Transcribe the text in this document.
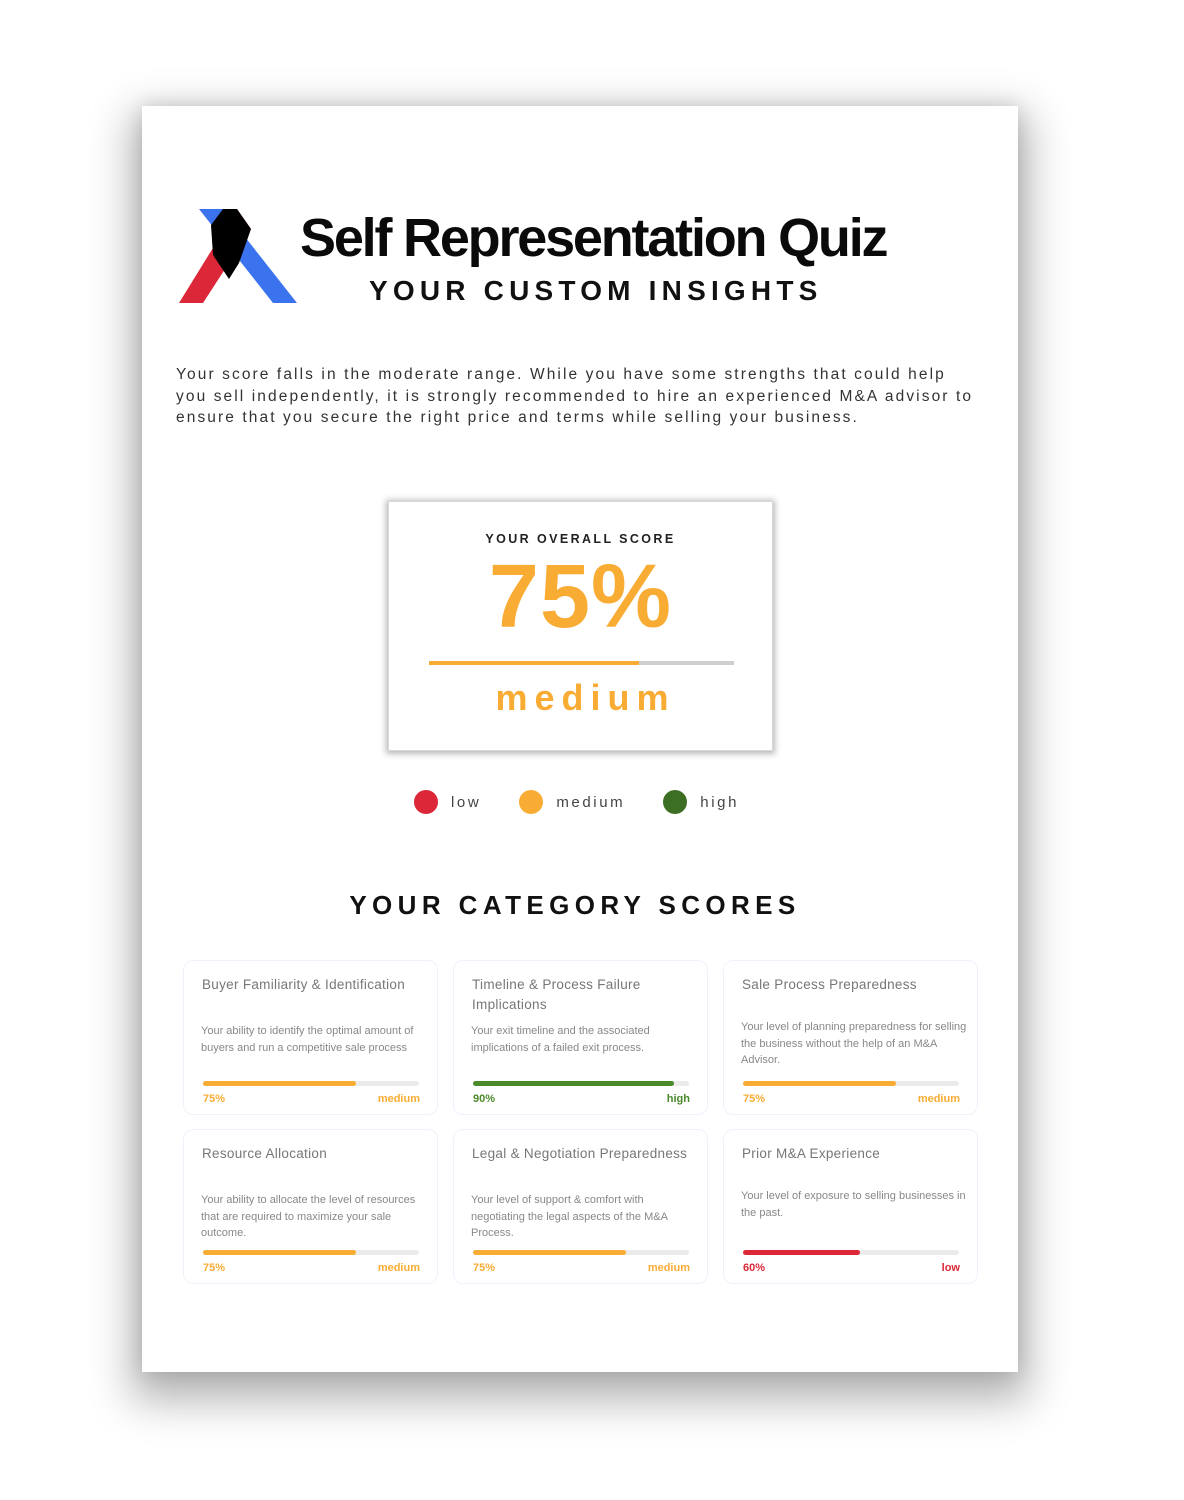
Self Representation Quiz
YOUR CUSTOM INSIGHTS

Your score falls in the moderate range. While you have some strengths that could help you sell independently, it is strongly recommended to hire an experienced M&A advisor to ensure that you secure the right price and terms while selling your business.

YOUR OVERALL SCORE
75%
medium
low	medium	high
YOUR CATEGORY SCORES
Buyer Familiarity & Identification
Your ability to identify the optimal amount of buyers and run a competitive sale process
75%	medium
Timeline & Process Failure Implications
Your exit timeline and the associated implications of a failed exit process.
90%	high
Sale Process Preparedness
Your level of planning preparedness for selling the business without the help of an M&A Advisor.
75%	medium
Resource Allocation
Your ability to allocate the level of resources that are required to maximize your sale outcome.
75%	medium
Legal & Negotiation Preparedness
Your level of support & comfort with negotiating the legal aspects of the M&A Process.
75%	medium
Prior M&A Experience
Your level of exposure to selling businesses in the past.
60%	low
